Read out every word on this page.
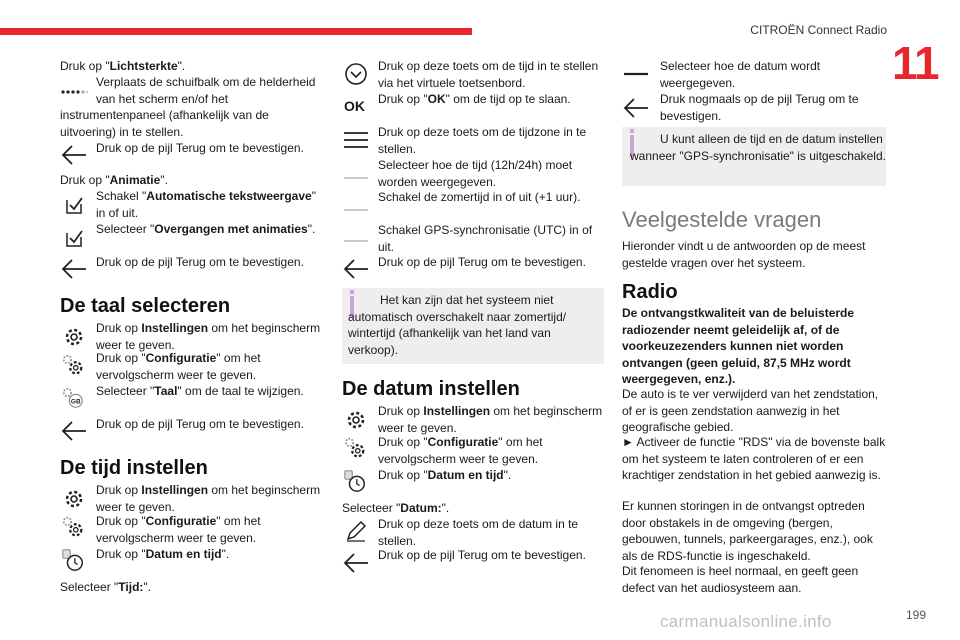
CITROËN Connect Radio
11
Druk op "Lichtsterkte".
Verplaats de schuifbalk om de helderheid van het scherm en/of het
instrumentenpaneel (afhankelijk van de uitvoering) in te stellen.
Druk op de pijl Terug om te bevestigen.
Druk op "Animatie".
Schakel "Automatische tekstweergave" in of uit.
Selecteer "Overgangen met animaties".
Druk op de pijl Terug om te bevestigen.
De taal selecteren
Druk op Instellingen om het beginscherm weer te geven.
Druk op "Configuratie" om het vervolgscherm weer te geven.
GB
Selecteer "Taal" om de taal te wijzigen.
Druk op de pijl Terug om te bevestigen.
De tijd instellen
Druk op Instellingen om het beginscherm weer te geven.
Druk op "Configuratie" om het vervolgscherm weer te geven.
Druk op "Datum en tijd".
Selecteer "Tijd:".
Druk op deze toets om de tijd in te stellen via het virtuele toetsenbord.
OK Druk op "OK" om de tijd op te slaan.
Druk op deze toets om de tijdzone in te stellen.
Selecteer hoe de tijd (12h/24h) moet worden weergegeven.
Schakel de zomertijd in of uit (+1 uur).
Schakel GPS-synchronisatie (UTC) in of uit.
Druk op de pijl Terug om te bevestigen.
Het kan zijn dat het systeem niet automatisch overschakelt naar zomertijd/ wintertijd (afhankelijk van het land van verkoop).
De datum instellen
Druk op Instellingen om het beginscherm weer te geven.
Druk op "Configuratie" om het vervolgscherm weer te geven.
Druk op "Datum en tijd".
Selecteer "Datum:".
Druk op deze toets om de datum in te stellen.
Druk op de pijl Terug om te bevestigen.
Selecteer hoe de datum wordt weergegeven.
Druk nogmaals op de pijl Terug om te bevestigen.
U kunt alleen de tijd en de datum instellen wanneer "GPS-synchronisatie" is uitgeschakeld.
Veelgestelde vragen
Hieronder vindt u de antwoorden op de meest gestelde vragen over het systeem.
Radio
De ontvangstkwaliteit van de beluisterde radiozender neemt geleidelijk af, of de voorkeuzezenders kunnen niet worden ontvangen (geen geluid, 87,5 MHz wordt weergegeven, enz.).
De auto is te ver verwijderd van het zendstation, of er is geen zendstation aanwezig in het geografische gebied.
► Activeer de functie "RDS" via de bovenste balk om het systeem te laten controleren of er een krachtiger zendstation in het gebied aanwezig is.
Er kunnen storingen in de ontvangst optreden door obstakels in de omgeving (bergen, gebouwen, tunnels, parkeergarages, enz.), ook als de RDS-functie is ingeschakeld.
Dit fenomeen is heel normaal, en geeft geen defect van het audiosysteem aan.
carmanualsonline.info	199
